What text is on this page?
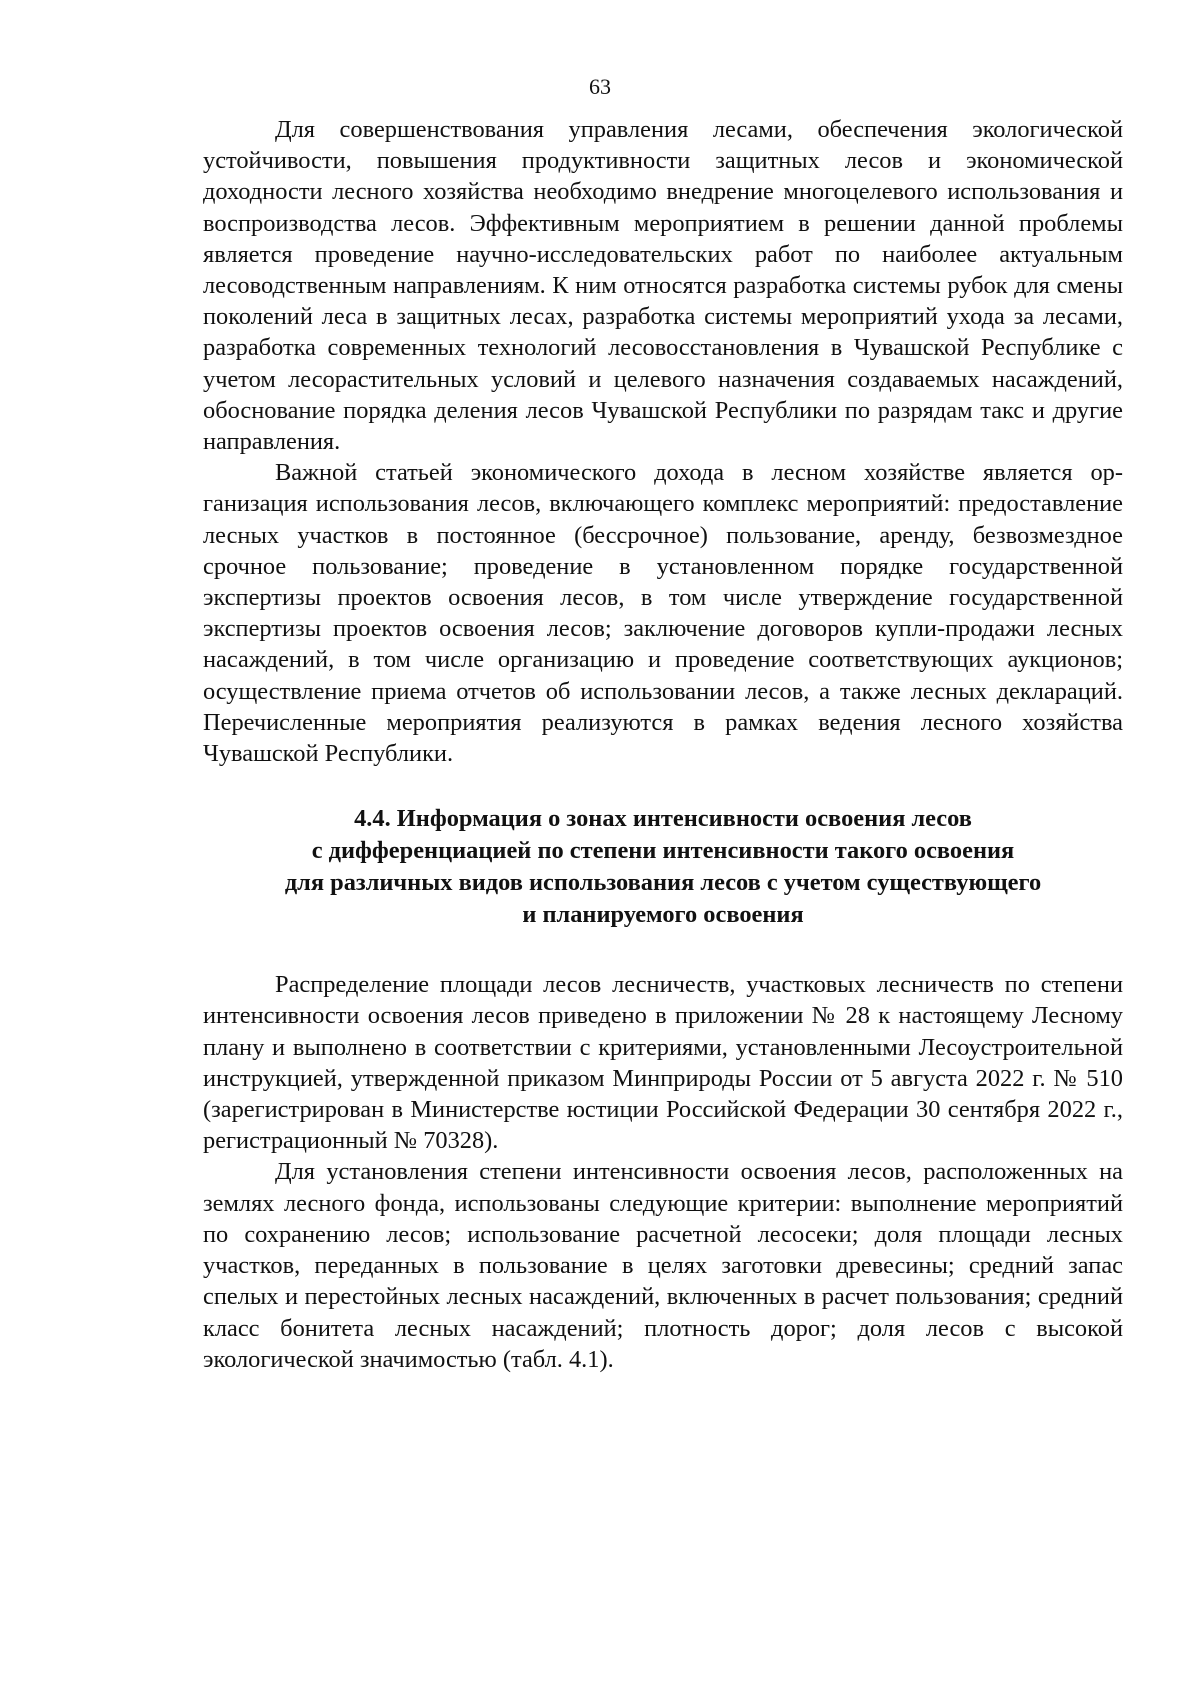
63

Для совершенствования управления лесами, обеспечения экологической устойчивости, повышения продуктивности защитных лесов и экономической доходности лесного хозяйства необходимо внедрение многоцелевого использования и воспроизводства лесов. Эффективным мероприятием в решении данной проблемы является проведение научно-исследовательских работ по наиболее актуальным лесоводственным направлениям. К ним относятся разработка системы рубок для смены поколений леса в защитных лесах, разработка системы мероприятий ухода за лесами, разработка современных технологий лесовосстановления в Чувашской Республике с учетом лесорастительных условий и целевого назначения создаваемых насаждений, обоснование порядка деления лесов Чувашской Республики по разрядам такс и другие направления.

Важной статьей экономического дохода в лесном хозяйстве является организация использования лесов, включающего комплекс мероприятий: предоставление лесных участков в постоянное (бессрочное) пользование, аренду, безвозмездное срочное пользование; проведение в установленном порядке государственной экспертизы проектов освоения лесов, в том числе утверждение государственной экспертизы проектов освоения лесов; заключение договоров купли-продажи лесных насаждений, в том числе организацию и проведение соответствующих аукционов; осуществление приема отчетов об использовании лесов, а также лесных деклараций. Перечисленные мероприятия реализуются в рамках ведения лесного хозяйства Чувашской Республики.

4.4. Информация о зонах интенсивности освоения лесов
с дифференциацией по степени интенсивности такого освоения
для различных видов использования лесов с учетом существующего
и планируемого освоения

Распределение площади лесов лесничеств, участковых лесничеств по степени интенсивности освоения лесов приведено в приложении № 28 к настоящему Лесному плану и выполнено в соответствии с критериями, установленными Лесоустроительной инструкцией, утвержденной приказом Минприроды России от 5 августа 2022 г. № 510 (зарегистрирован в Министерстве юстиции Российской Федерации 30 сентября 2022 г., регистрационный № 70328).

Для установления степени интенсивности освоения лесов, расположенных на землях лесного фонда, использованы следующие критерии: выполнение мероприятий по сохранению лесов; использование расчетной лесосеки; доля площади лесных участков, переданных в пользование в целях заготовки древесины; средний запас спелых и перестойных лесных насаждений, включенных в расчет пользования; средний класс бонитета лесных насаждений; плотность дорог; доля лесов с высокой экологической значимостью (табл. 4.1).
